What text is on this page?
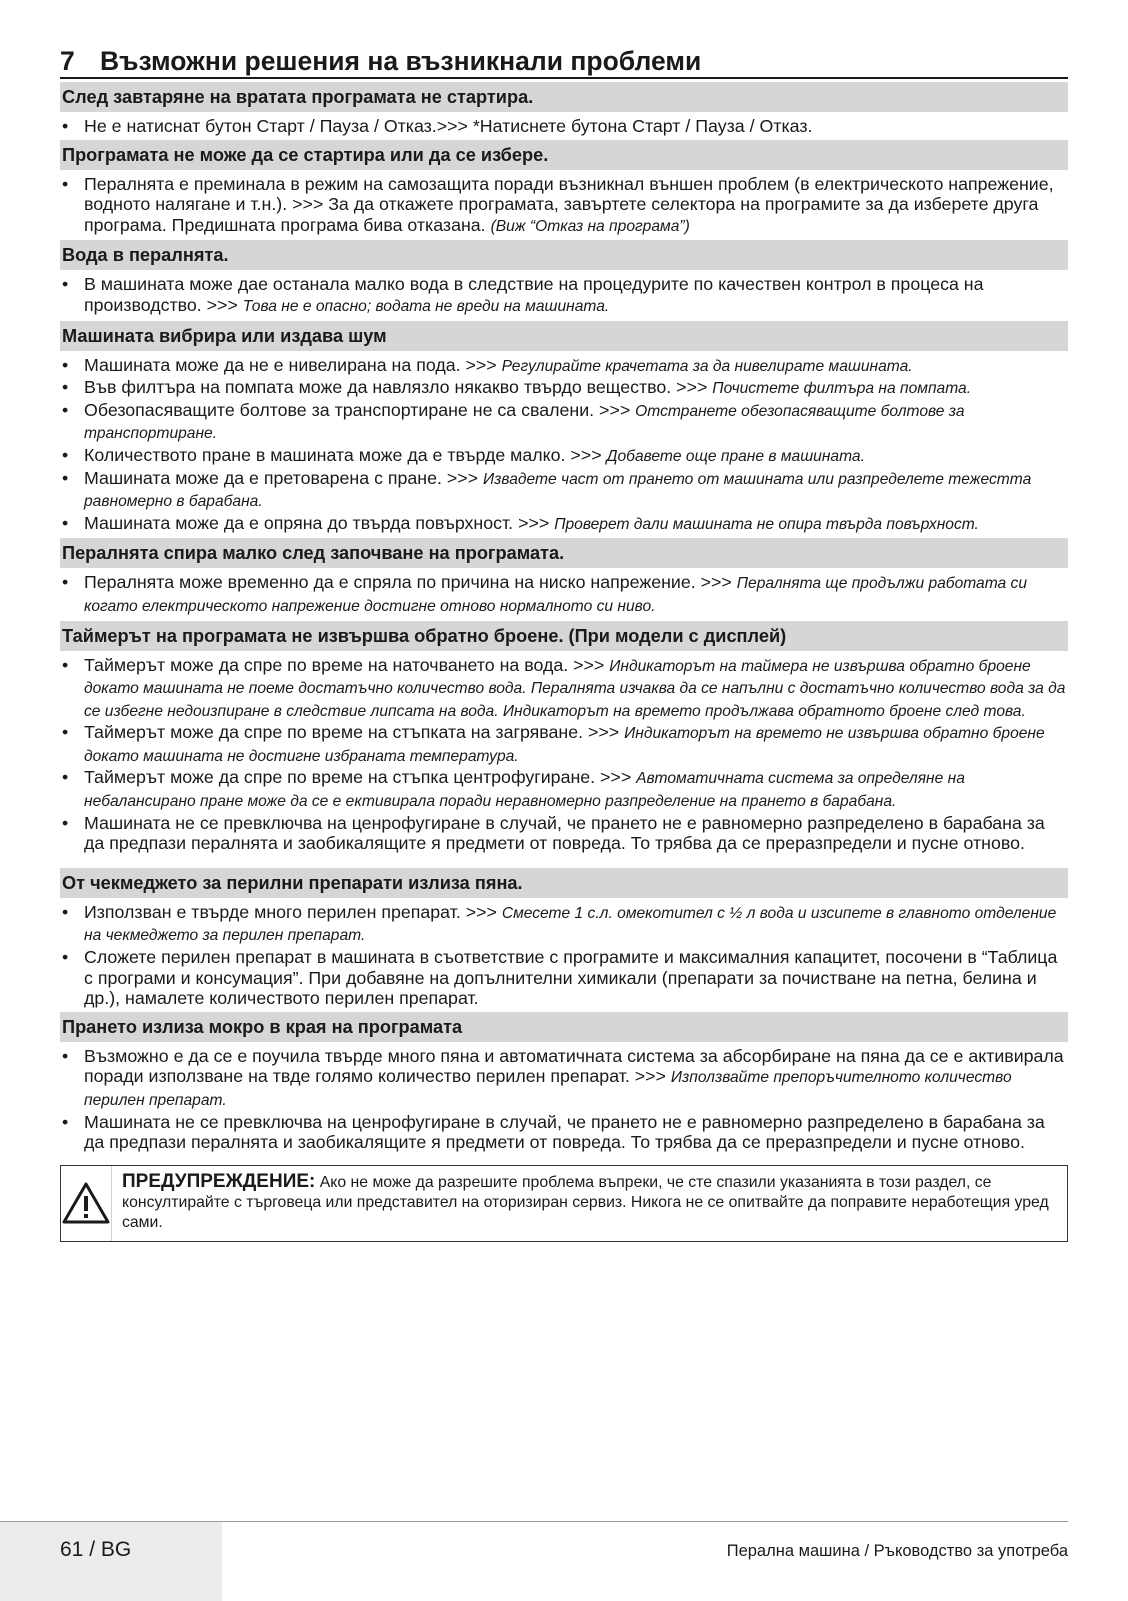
7 Възможни решения на възникнали проблеми
След завтаряне на вратата програмата не стартира.
• Не е натиснат бутон Старт / Пауза / Отказ.>>> *Натиснете бутона Старт / Пауза / Отказ.
Програмата не може да се стартира или да се избере.
• Пералнята е преминала в режим на самозащита поради възникнал външен проблем (в електрическото напрежение, водното налягане и т.н.). >>> За да откажете програмата, завъртете селектора на програмите за да изберете друга програма. Предишната програма бива отказана. (Виж “Отказ на програма”)
Вода в пералнята.
• В машината може дае останала малко вода в следствие на процедурите по качествен контрол в процеса на производство. >>> Това не е опасно; водата не вреди на машината.
Машината вибрира или издава шум
• Машината може да не е нивелирана на пода. >>> Регулирайте крачетата за да нивелирате машината.
• Във филтъра на помпата може да навлязло някакво твърдо вещество. >>> Почистете филтъра на помпата.
• Обезопасяващите болтове за транспортиране не са свалени. >>> Отстранете обезопасяващите болтове за транспортиране.
• Количеството пране в машината може да е твърде малко. >>> Добавете още пране в машината.
• Машината може да е претоварена с пране. >>> Извадете част от прането от машината или разпределете тежестта равномерно в барабана.
• Машината може да е опряна до твърда повърхност. >>> Проверет дали машината не опира твърда повърхност.
Пералнята спира малко след започване на програмата.
• Пералнята може временно да е спряла по причина на ниско напрежение. >>> Пералнята ще продължи работата си когато електрическото напрежение достигне отново нормалното си ниво.
Таймерът на програмата не извършва обратно броене. (При модели с дисплей)
• Таймерът може да спре по време на наточването на вода. >>> Индикаторът на таймера не извършва обратно броене докато машината не поеме достатъчно количество вода. Пералнята изчаква да се напълни с достатъчно количество вода за да се избегне недоизпиране в следствие липсата на вода. Индикаторът на времето продължава обратното броене след това.
• Таймерът може да спре по време на стъпката на загряване. >>> Индикаторът на времето не извършва обратно броене докато машината не достигне избраната температура.
• Таймерът може да спре по време на стъпка центрофугиране. >>> Автоматичната система за определяне на небалансирано пране може да се е ективирала поради неравномерно разпределение на прането в барабана.
• Машината не се превключва на ценрофугиране в случай, че прането не е равномерно разпределено в барабана за да предпази пералнята и заобикалящите я предмети от повреда. То трябва да се преразпредели и пусне отново.
От чекмеджето за перилни препарати излиза пяна.
• Използван е твърде много перилен препарат. >>> Смесете 1 с.л. омекотител с ½ л вода и изсипете в главното отделение на чекмеджето за перилен препарат.
• Сложете перилен препарат в машината в съответствие с програмите и максималния капацитет, посочени в “Таблица с програми и консумация”. При добавяне на допълнителни химикали (препарати за почистване на петна, белина и др.), намалете количеството перилен препарат.
Прането излиза мокро в края на програмата
• Възможно е да се е поучила твърде много пяна и автоматичната система за абсорбиране на пяна да се е активирала поради използване на твде голямо количество перилен препарат. >>> Използвайте препоръчителното количество перилен препарат.
• Машината не се превключва на ценрофугиране в случай, че прането не е равномерно разпределено в барабана за да предпази пералнята и заобикалящите я предмети от повреда. То трябва да се преразпредели и пусне отново.
ПРЕДУПРЕЖДЕНИЕ: Ако не може да разрешите проблема въпреки, че сте спазили указанията в този раздел, се консултирайте с търговеца или представител на оторизиран сервиз. Никога не се опитвайте да поправите неработещия уред сами.
61 / BG	Перална машина / Ръководство за употреба
